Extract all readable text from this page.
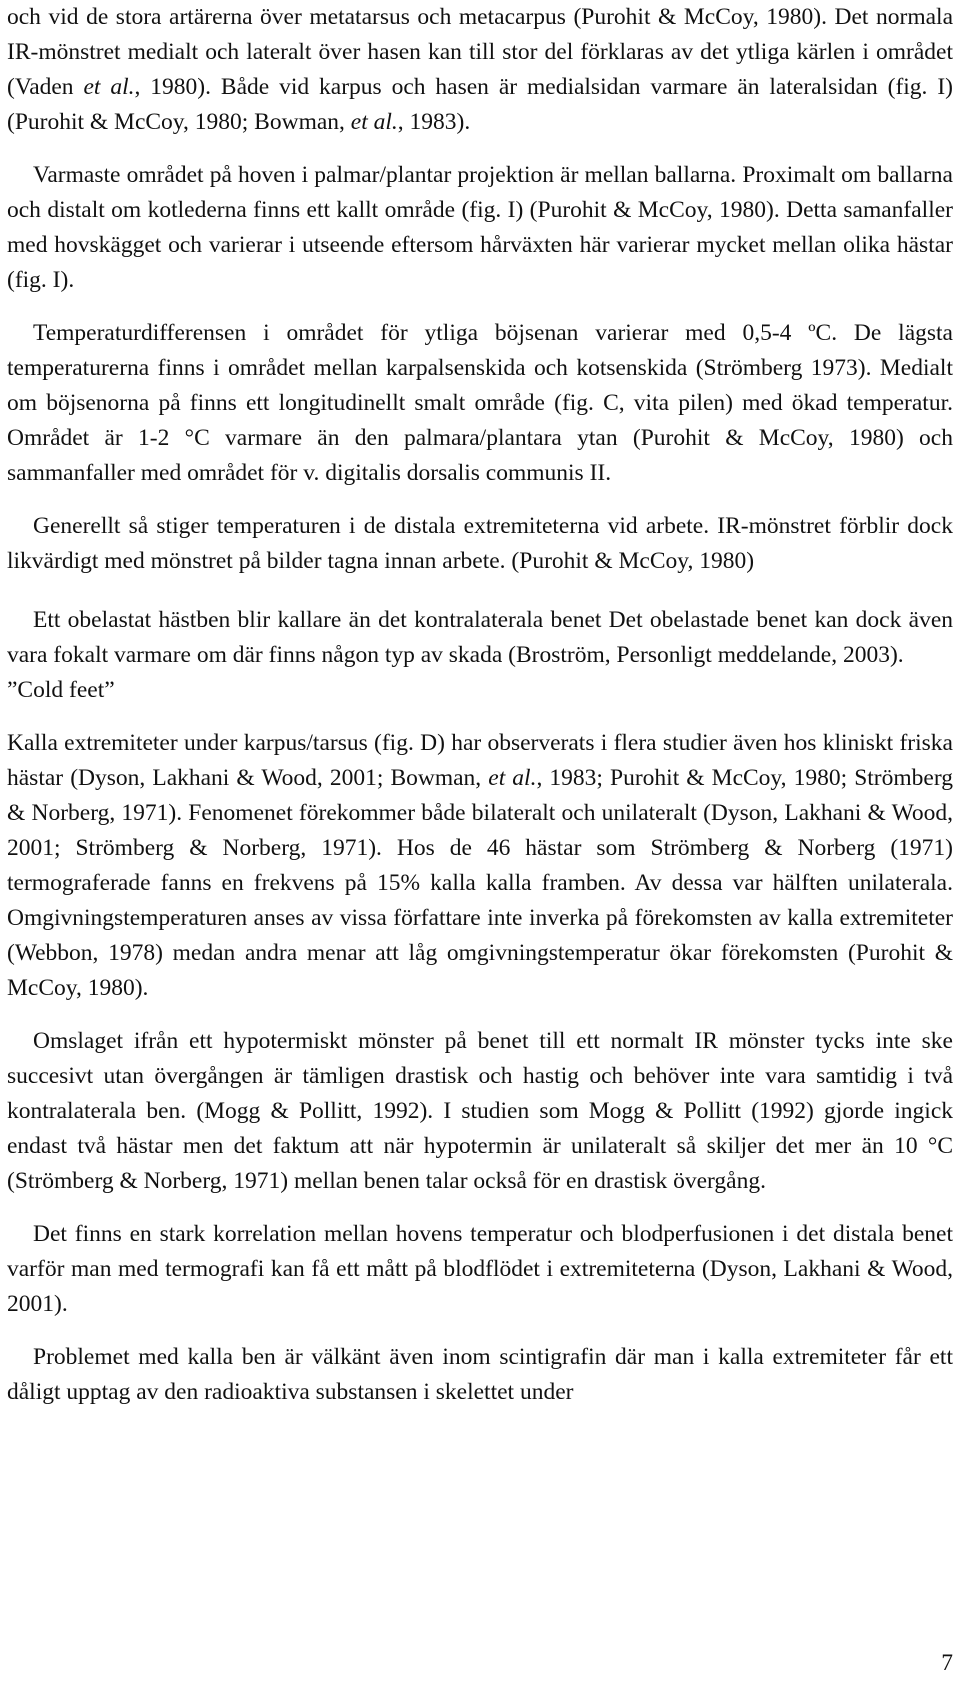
och vid de stora artärerna över metatarsus och metacarpus (Purohit & McCoy, 1980). Det normala IR-mönstret medialt och lateralt över hasen kan till stor del förklaras av det ytliga kärlen i området (Vaden et al., 1980). Både vid karpus och hasen är medialsidan varmare än lateralsidan (fig. I) (Purohit & McCoy, 1980; Bowman, et al., 1983).

Varmaste området på hoven i palmar/plantar projektion är mellan ballarna. Proximalt om ballarna och distalt om kotlederna finns ett kallt område (fig. I) (Purohit & McCoy, 1980). Detta samanfaller med hovskägget och varierar i utseende eftersom hårväxten här varierar mycket mellan olika hästar (fig. I).

Temperaturdifferensen i området för ytliga böjsenan varierar med 0,5-4 ºC. De lägsta temperaturerna finns i området mellan karpalsenskida och kotsenskida (Strömberg 1973). Medialt om böjsenorna på finns ett longitudinellt smalt område (fig. C, vita pilen) med ökad temperatur. Området är 1-2 °C varmare än den palmara/plantara ytan (Purohit & McCoy, 1980) och sammanfaller med området för v. digitalis dorsalis communis II.

Generellt så stiger temperaturen i de distala extremiteterna vid arbete. IR-mönstret förblir dock likvärdigt med mönstret på bilder tagna innan arbete. (Purohit & McCoy, 1980)

Ett obelastat hästben blir kallare än det kontralaterala benet Det obelastade benet kan dock även vara fokalt varmare om där finns någon typ av skada (Broström, Personligt meddelande, 2003).

”Cold feet”

Kalla extremiteter under karpus/tarsus (fig. D) har observerats i flera studier även hos kliniskt friska hästar (Dyson, Lakhani & Wood, 2001; Bowman, et al., 1983; Purohit & McCoy, 1980; Strömberg & Norberg, 1971). Fenomenet förekommer både bilateralt och unilateralt (Dyson, Lakhani & Wood, 2001; Strömberg & Norberg, 1971). Hos de 46 hästar som Strömberg & Norberg (1971) termograferade fanns en frekvens på 15% kalla kalla framben. Av dessa var hälften unilaterala. Omgivningstemperaturen anses av vissa författare inte inverka på förekomsten av kalla extremiteter (Webbon, 1978) medan andra menar att låg omgivningstemperatur ökar förekomsten (Purohit & McCoy, 1980).

Omslaget ifrån ett hypotermiskt mönster på benet till ett normalt IR mönster tycks inte ske succesivt utan övergången är tämligen drastisk och hastig och behöver inte vara samtidig i två kontralaterala ben. (Mogg & Pollitt, 1992). I studien som Mogg & Pollitt (1992) gjorde ingick endast två hästar men det faktum att när hypotermin är unilateralt så skiljer det mer än 10 °C (Strömberg & Norberg, 1971) mellan benen talar också för en drastisk övergång.

Det finns en stark korrelation mellan hovens temperatur och blodperfusionen i det distala benet varför man med termografi kan få ett mått på blodflödet i extremiteterna (Dyson, Lakhani & Wood, 2001).

Problemet med kalla ben är välkänt även inom scintigrafin där man i kalla extremiteter får ett dåligt upptag av den radioaktiva substansen i skelettet under

7
